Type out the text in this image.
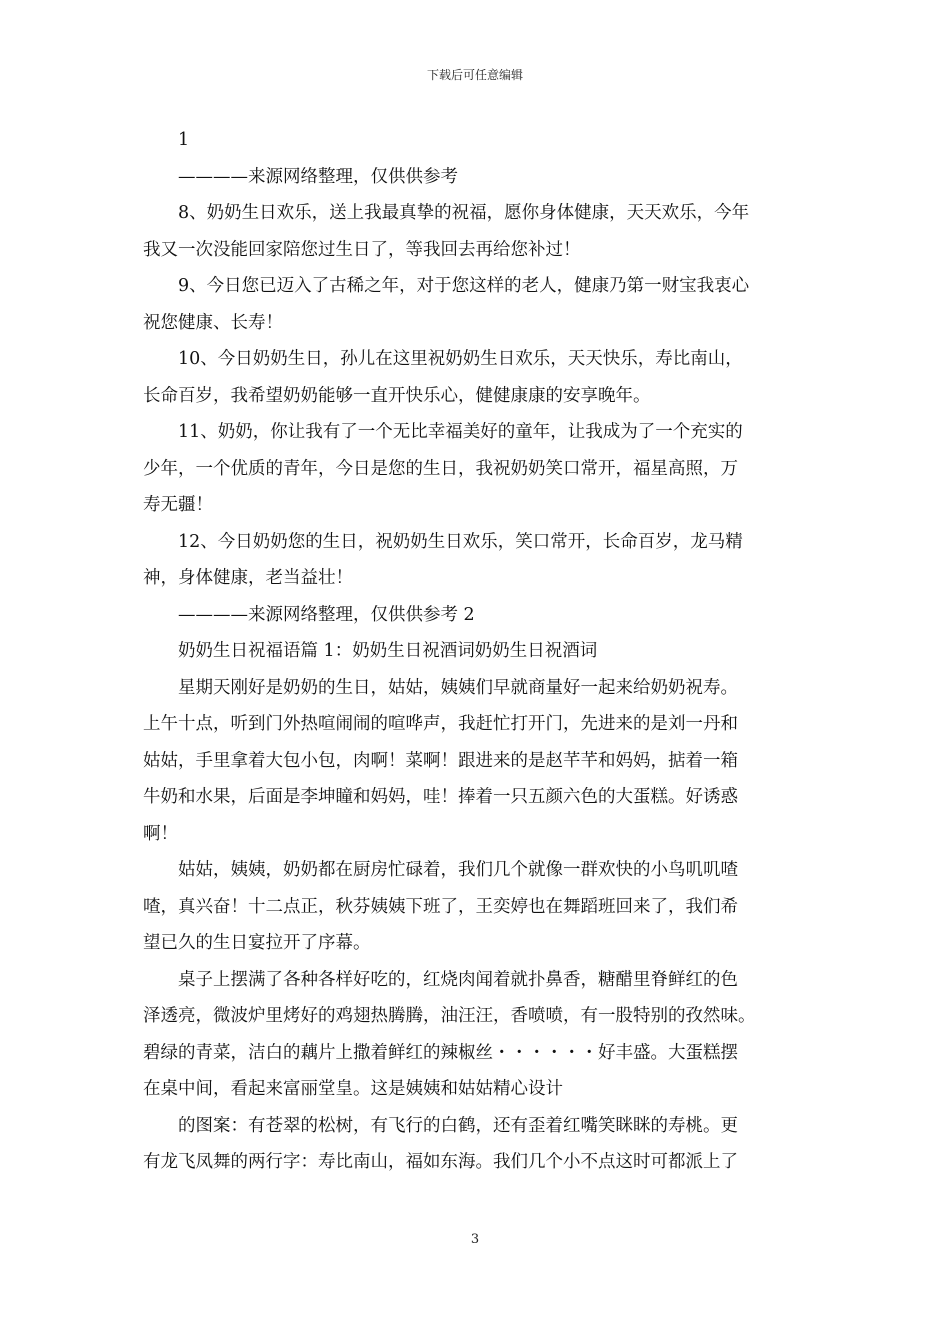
下载后可任意编辑
1
————来源网络整理，仅供供参考
8、奶奶生日欢乐，送上我最真挚的祝福，愿你身体健康，天天欢乐，今年
我又一次没能回家陪您过生日了，等我回去再给您补过！
9、今日您已迈入了古稀之年，对于您这样的老人，健康乃第一财宝我衷心
祝您健康、长寿！
10、今日奶奶生日，孙儿在这里祝奶奶生日欢乐，天天快乐，寿比南山，
长命百岁，我希望奶奶能够一直开快乐心，健健康康的安享晚年。
11、奶奶，你让我有了一个无比幸福美好的童年，让我成为了一个充实的
少年，一个优质的青年，今日是您的生日，我祝奶奶笑口常开，福星高照，万
寿无疆！
12、今日奶奶您的生日，祝奶奶生日欢乐，笑口常开，长命百岁，龙马精
神，身体健康，老当益壮！
————来源网络整理，仅供供参考 2
奶奶生日祝福语篇 1：奶奶生日祝酒词奶奶生日祝酒词
星期天刚好是奶奶的生日，姑姑，姨姨们早就商量好一起来给奶奶祝寿。
上午十点，听到门外热喧闹闹的喧哗声，我赶忙打开门，先进来的是刘一丹和
姑姑，手里拿着大包小包，肉啊！菜啊！跟进来的是赵芊芊和妈妈，掂着一箱
牛奶和水果，后面是李坤瞳和妈妈，哇！捧着一只五颜六色的大蛋糕。好诱惑
啊！
姑姑，姨姨，奶奶都在厨房忙碌着，我们几个就像一群欢快的小鸟叽叽喳
喳，真兴奋！十二点正，秋芬姨姨下班了，王奕婷也在舞蹈班回来了，我们希
望已久的生日宴拉开了序幕。
桌子上摆满了各种各样好吃的，红烧肉闻着就扑鼻香，糖醋里脊鲜红的色
泽透亮，微波炉里烤好的鸡翅热腾腾，油汪汪，香喷喷，有一股特别的孜然味。
碧绿的青菜，洁白的藕片上撒着鲜红的辣椒丝・・・・・・好丰盛。大蛋糕摆
在桌中间，看起来富丽堂皇。这是姨姨和姑姑精心设计
的图案：有苍翠的松树，有飞行的白鹤，还有歪着红嘴笑眯眯的寿桃。更
有龙飞凤舞的两行字：寿比南山，福如东海。我们几个小不点这时可都派上了
3
